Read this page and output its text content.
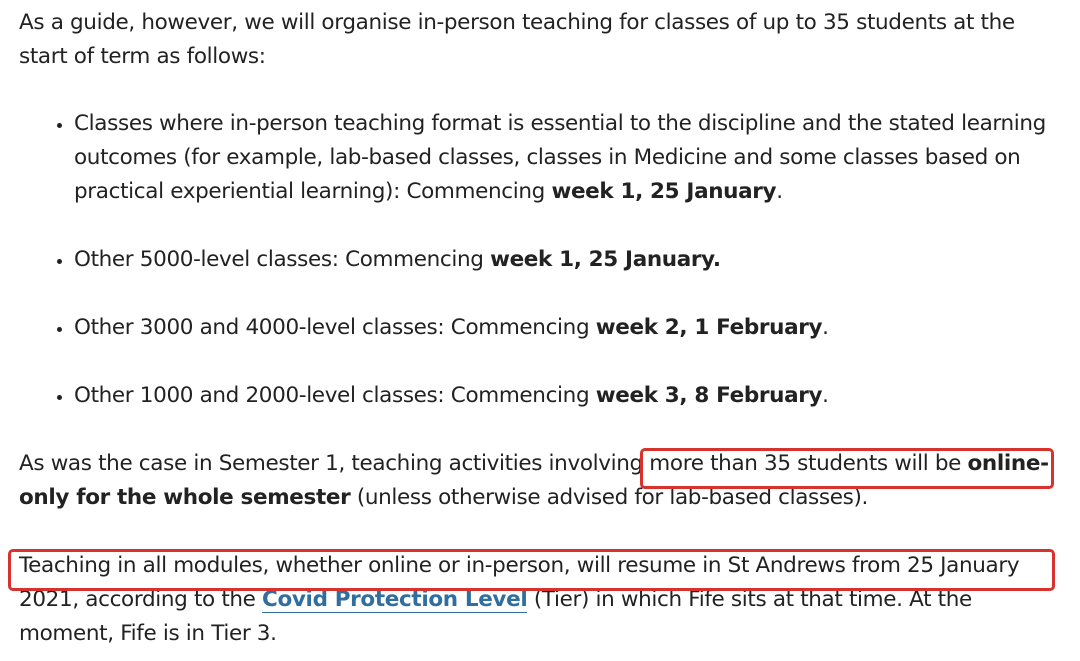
As a guide, however, we will organise in-person teaching for classes of up to 35 students at the start of term as follows:

• Classes where in-person teaching format is essential to the discipline and the stated learning outcomes (for example, lab-based classes, classes in Medicine and some classes based on practical experiential learning): Commencing week 1, 25 January.
• Other 5000-level classes: Commencing week 1, 25 January.
• Other 3000 and 4000-level classes: Commencing week 2, 1 February.
• Other 1000 and 2000-level classes: Commencing week 3, 8 February.

As was the case in Semester 1, teaching activities involving more than 35 students will be online-only for the whole semester (unless otherwise advised for lab-based classes).

Teaching in all modules, whether online or in-person, will resume in St Andrews from 25 January 2021, according to the Covid Protection Level (Tier) in which Fife sits at that time. At the moment, Fife is in Tier 3.
